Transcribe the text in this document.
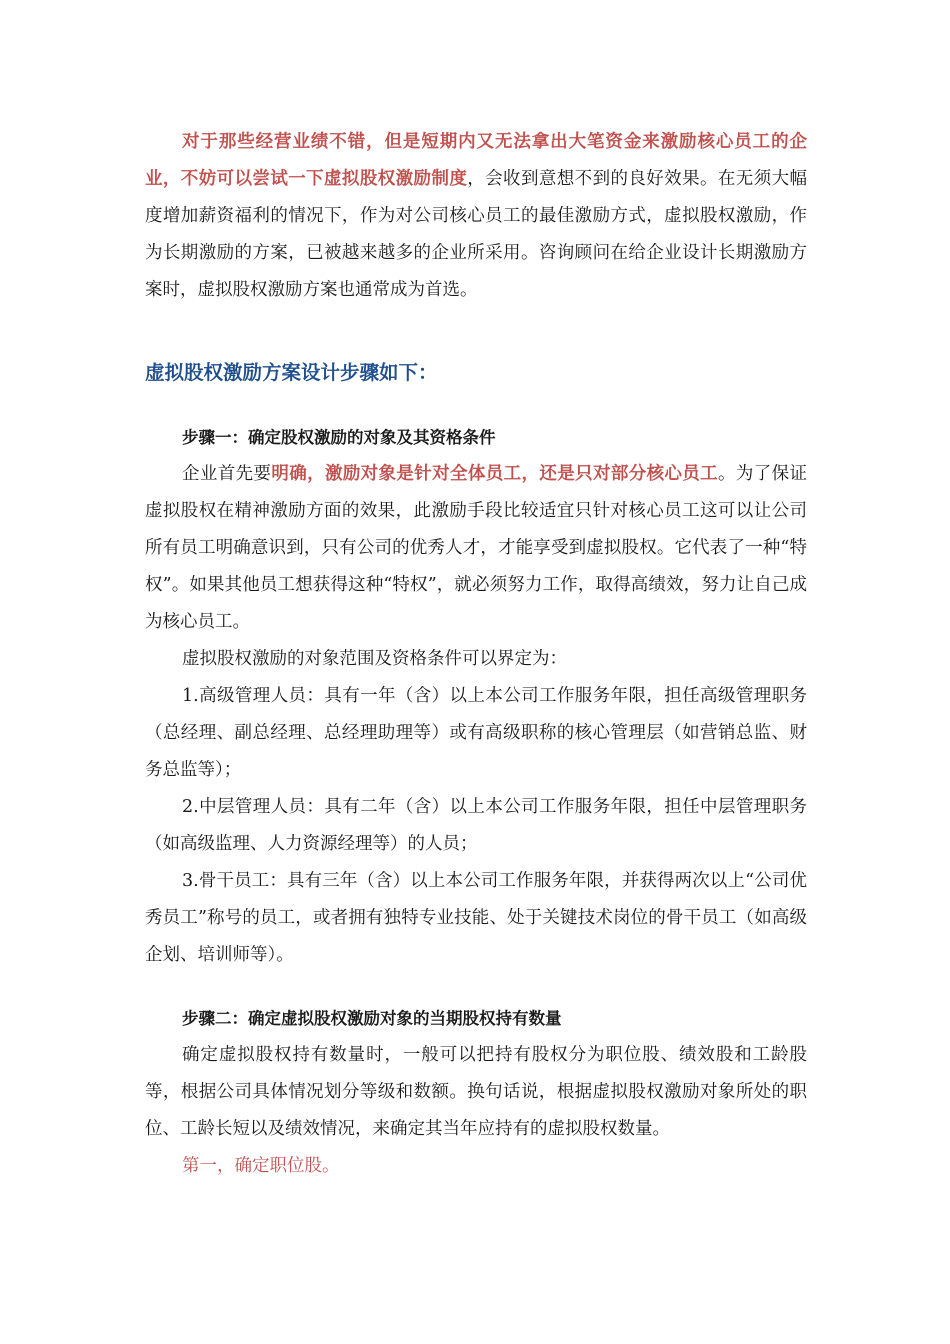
对于那些经营业绩不错，但是短期内又无法拿出大笔资金来激励核心员工的企业，不妨可以尝试一下虚拟股权激励制度，会收到意想不到的良好效果。在无须大幅度增加薪资福利的情况下，作为对公司核心员工的最佳激励方式，虚拟股权激励，作为长期激励的方案，已被越来越多的企业所采用。咨询顾问在给企业设计长期激励方案时，虚拟股权激励方案也通常成为首选。

虚拟股权激励方案设计步骤如下：

步骤一：确定股权激励的对象及其资格条件

企业首先要明确，激励对象是针对全体员工，还是只对部分核心员工。为了保证虚拟股权在精神激励方面的效果，此激励手段比较适宜只针对核心员工这可以让公司所有员工明确意识到，只有公司的优秀人才，才能享受到虚拟股权。它代表了一种“特权”。如果其他员工想获得这种“特权”，就必须努力工作，取得高绩效，努力让自己成为核心员工。

虚拟股权激励的对象范围及资格条件可以界定为：

1.高级管理人员：具有一年（含）以上本公司工作服务年限，担任高级管理职务（总经理、副总经理、总经理助理等）或有高级职称的核心管理层（如营销总监、财务总监等）；

2.中层管理人员：具有二年（含）以上本公司工作服务年限，担任中层管理职务（如高级监理、人力资源经理等）的人员；

3.骨干员工：具有三年（含）以上本公司工作服务年限，并获得两次以上“公司优秀员工”称号的员工，或者拥有独特专业技能、处于关键技术岗位的骨干员工（如高级企划、培训师等）。

步骤二：确定虚拟股权激励对象的当期股权持有数量

确定虚拟股权持有数量时，一般可以把持有股权分为职位股、绩效股和工龄股等，根据公司具体情况划分等级和数额。换句话说，根据虚拟股权激励对象所处的职位、工龄长短以及绩效情况，来确定其当年应持有的虚拟股权数量。

第一，确定职位股。
